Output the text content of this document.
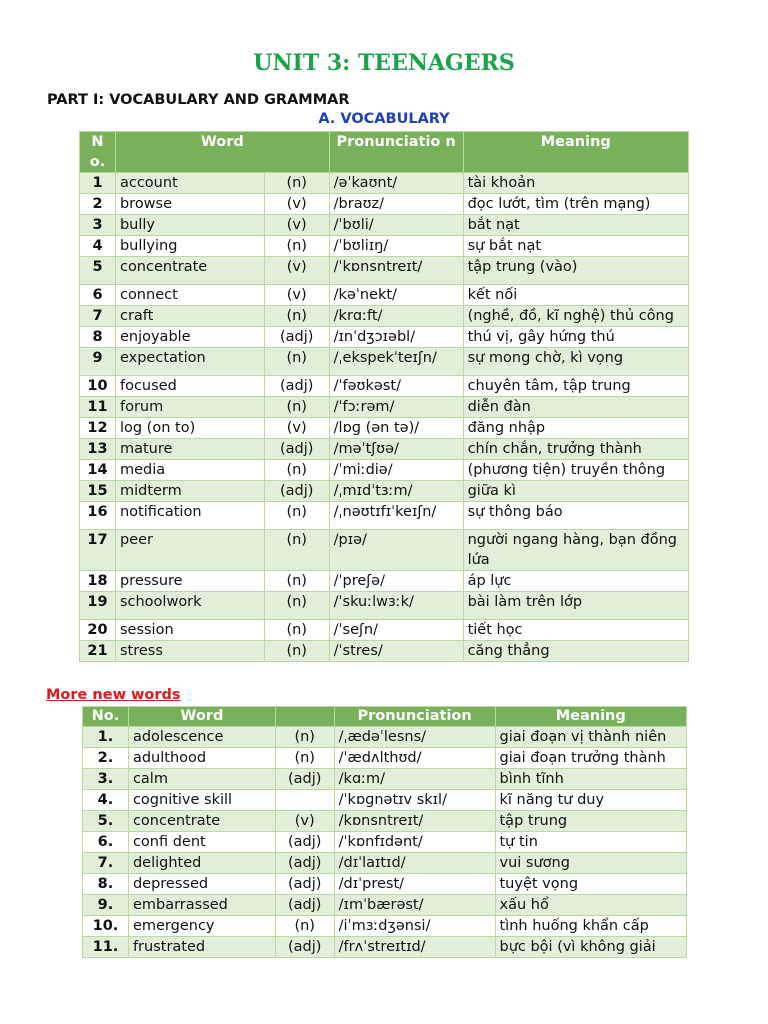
UNIT 3: TEENAGERS
PART I: VOCABULARY AND GRAMMAR
A. VOCABULARY
N o.	Word		Pronunciatio n	Meaning
1	account	(n)	/əˈkaʊnt/	tài khoản
2	browse	(v)	/braʊz/	đọc lướt, tìm (trên mạng)
3	bully	(v)	/ˈbʊli/	bắt nạt
4	bullying	(n)	/ˈbʊliɪŋ/	sự bắt nạt
5	concentrate	(v)	/ˈkɒnsntreɪt/	tập trung (vào)
6	connect	(v)	/kəˈnekt/	kết nối
7	craft	(n)	/krɑːft/	(nghề, đồ, kĩ nghệ) thủ công
8	enjoyable	(adj)	/ɪnˈdʒɔɪəbl/	thú vị, gây hứng thú
9	expectation	(n)	/ˌekspekˈteɪʃn/	sự mong chờ, kì vọng
10	focused	(adj)	/ˈfəʊkəst/	chuyên tâm, tập trung
11	forum	(n)	/ˈfɔːrəm/	diễn đàn
12	log (on to)	(v)	/lɒɡ (ən tə)/	đăng nhập
13	mature	(adj)	/məˈtʃʊə/	chín chắn, trưởng thành
14	media	(n)	/ˈmiːdiə/	(phương tiện) truyền thông
15	midterm	(adj)	/ˌmɪdˈtɜːm/	giữa kì
16	notification	(n)	/ˌnəʊtɪfɪˈkeɪʃn/	sự thông báo
17	peer	(n)	/pɪə/	người ngang hàng, bạn đồng lứa
18	pressure	(n)	/ˈpreʃə/	áp lực
19	schoolwork	(n)	/ˈskuːlwɜːk/	bài làm trên lớp
20	session	(n)	/ˈseʃn/	tiết học
21	stress	(n)	/ˈstres/	căng thẳng
More new words
No.	Word		Pronunciation	Meaning
1.	adolescence	(n)	/ˌædəˈlesns/	giai đoạn vị thành niên
2.	adulthood	(n)	/ˈædʌlthʊd/	giai đoạn trưởng thành
3.	calm	(adj)	/kɑːm/	bình tĩnh
4.	cognitive skill		/ˈkɒɡnətɪv skɪl/	kĩ năng tư duy
5.	concentrate	(v)	/kɒnsntreɪt/	tập trung
6.	confi dent	(adj)	/ˈkɒnfɪdənt/	tự tin
7.	delighted	(adj)	/dɪˈlaɪtɪd/	vui sương
8.	depressed	(adj)	/dɪˈprest/	tuyệt vọng
9.	embarrassed	(adj)	/ɪmˈbærəst/	xấu hổ
10.	emergency	(n)	/iˈmɜːdʒənsi/	tình huống khẩn cấp
11.	frustrated	(adj)	/frʌˈstreɪtɪd/	bực bội (vì không giải
